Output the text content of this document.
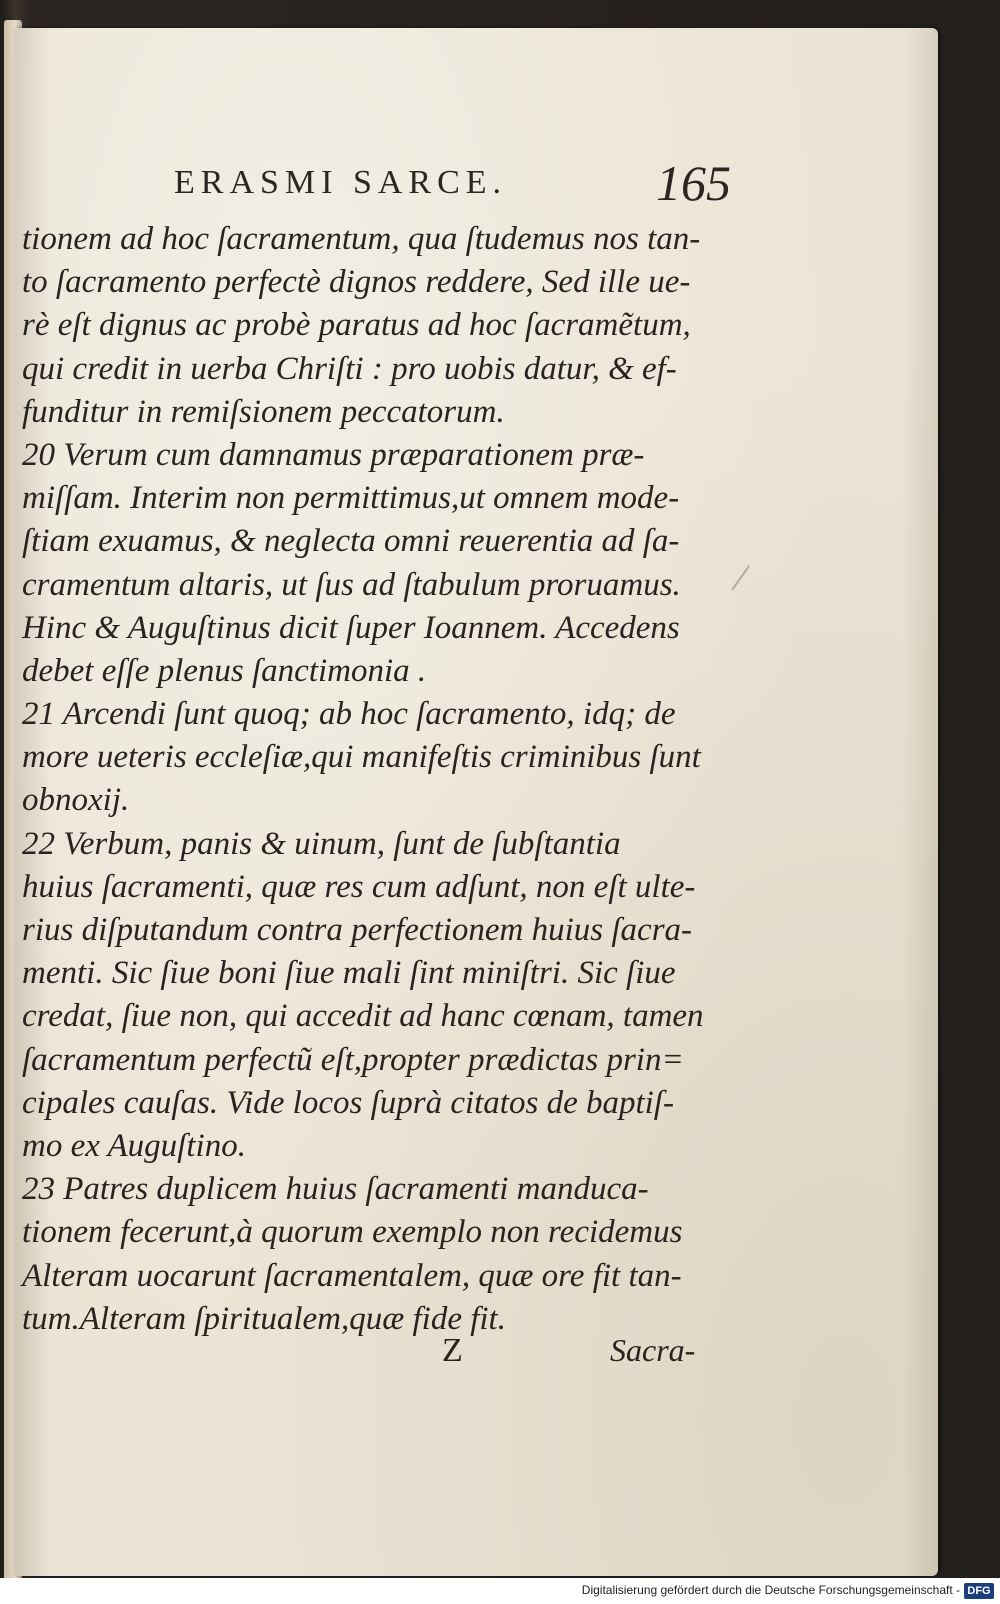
ERASMI SARCE.	165
tionem ad hoc ſacramentum, qua ſtudemus nos tan-
to ſacramento perfectè dignos reddere, Sed ille ue-
rè eſt dignus ac probè paratus ad hoc ſacramẽtum,
qui credit in uerba Chriſti : pro uobis datur, & ef-
funditur in remiſsionem peccatorum.
20 Verum cum damnamus præparationem præ-
miſſam. Interim non permittimus,ut omnem mode-
ſtiam exuamus, & neglecta omni reuerentia ad ſa-
cramentum altaris, ut ſus ad ſtabulum proruamus.
Hinc & Auguſtinus dicit ſuper Ioannem. Accedens
debet eſſe plenus ſanctimonia .
21 Arcendi ſunt quoq; ab hoc ſacramento, idq; de
more ueteris eccleſiæ,qui manifeſtis criminibus ſunt
obnoxij.
22 Verbum, panis & uinum, ſunt de ſubſtantia
huius ſacramenti, quæ res cum adſunt, non eſt ulte-
rius diſputandum contra perfectionem huius ſacra-
menti. Sic ſiue boni ſiue mali ſint miniſtri. Sic ſiue
credat, ſiue non, qui accedit ad hanc cœnam, tamen
ſacramentum perfectũ eſt,propter prædictas prin=
cipales cauſas. Vide locos ſuprà citatos de baptiſ-
mo ex Auguſtino.
23 Patres duplicem huius ſacramenti manduca-
tionem fecerunt,à quorum exemplo non recidemus
Alteram uocarunt ſacramentalem, quæ ore fit tan-
tum.Alteram ſpiritualem,quæ fide fit.
Z	Sacra-
Digitalisierung gefördert durch die Deutsche Forschungsgemeinschaft - DFG
